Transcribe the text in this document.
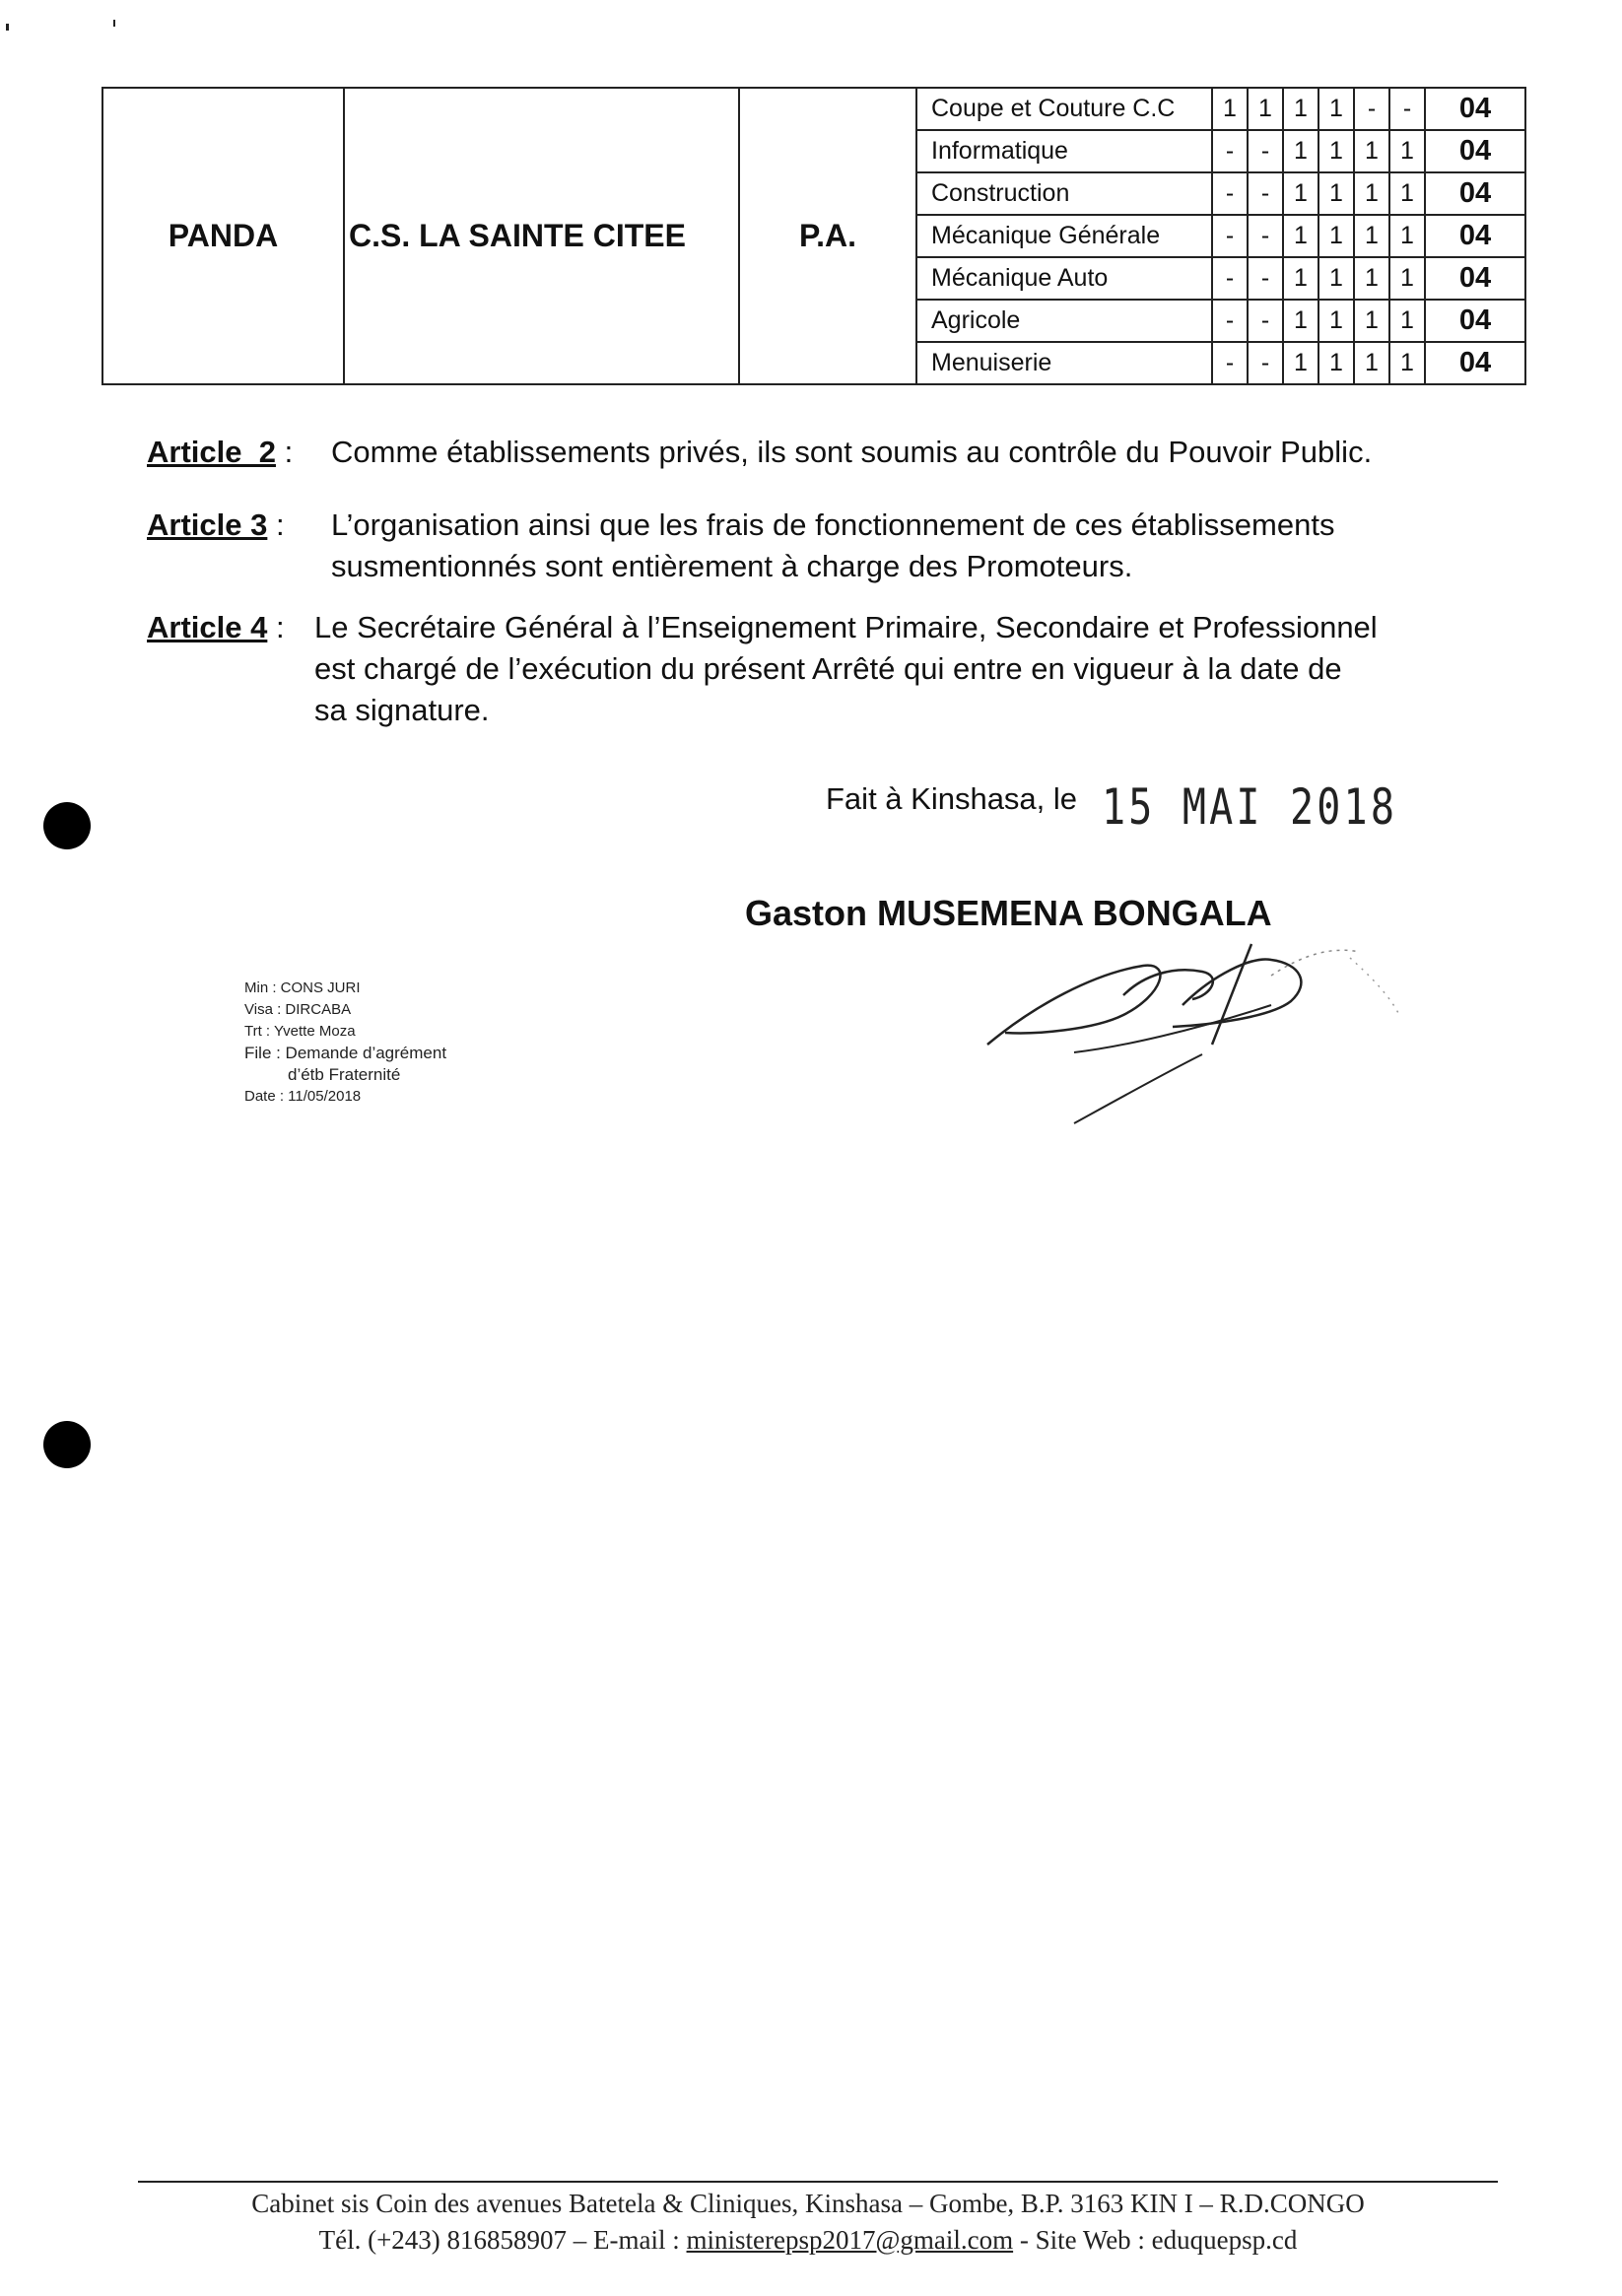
PANDA	C.S. LA SAINTE CITEE	P.A.	Coupe et Couture C.C	1	1	1	1	-	-	04
			Informatique	-	-	1	1	1	1	04
			Construction	-	-	1	1	1	1	04
			Mécanique Générale	-	-	1	1	1	1	04
			Mécanique Auto	-	-	1	1	1	1	04
			Agricole	-	-	1	1	1	1	04
			Menuiserie	-	-	1	1	1	1	04
Article  2 : Comme établissements privés, ils sont soumis au contrôle du Pouvoir Public.
Article 3 : L’organisation ainsi que les frais de fonctionnement de ces établissements
susmentionnés sont entièrement à charge des Promoteurs.
Article 4 : Le Secrétaire Général à l’Enseignement Primaire, Secondaire et Professionnel
est chargé de l’exécution du présent Arrêté qui entre en vigueur à la date de
sa signature.
Fait à Kinshasa, le 15 MAI 2018
Gaston MUSEMENA BONGALA
Min : CONS JURI
Visa : DIRCABA
Trt : Yvette Moza
File : Demande d’agrément
d’étb Fraternité
Date : 11/05/2018
Cabinet sis Coin des avenues Batetela & Cliniques, Kinshasa – Gombe, B.P. 3163 KIN I – R.D.CONGO
Tél. (+243) 816858907 – E-mail : ministerepsp2017@gmail.com - Site Web : eduquepsp.cd
